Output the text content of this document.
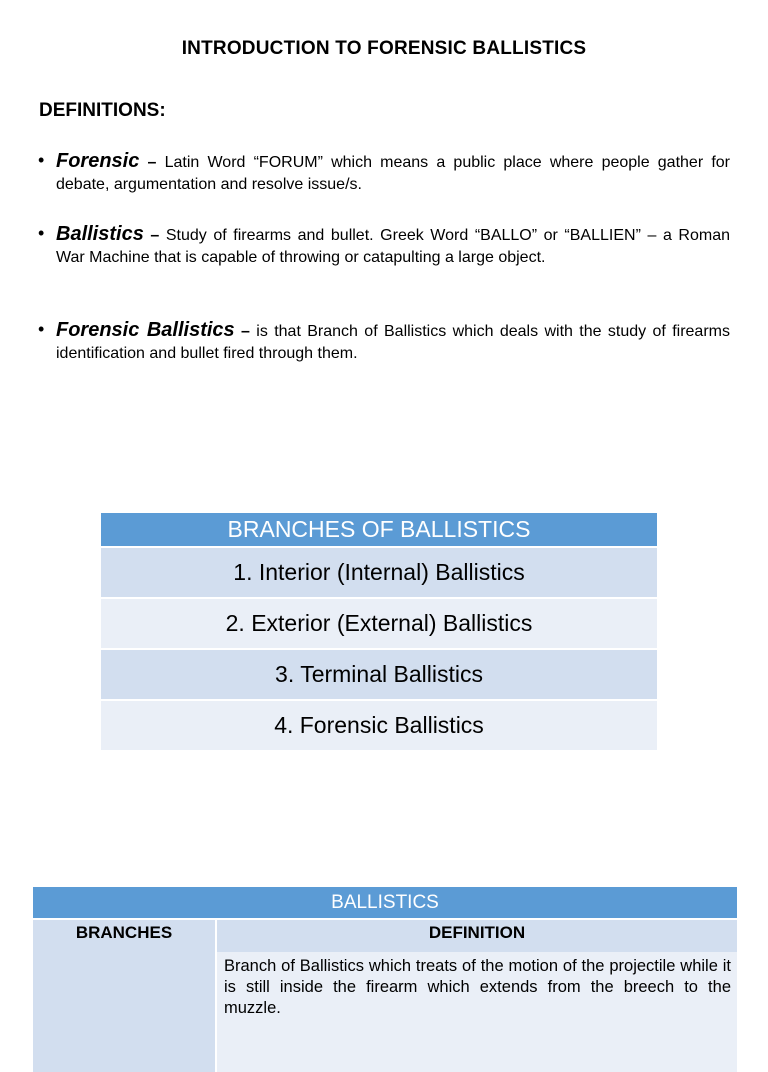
INTRODUCTION TO FORENSIC BALLISTICS
DEFINITIONS:
• Forensic – Latin Word “FORUM” which means a public place where people gather for debate, argumentation and resolve issue/s.
• Ballistics – Study of firearms and bullet. Greek Word “BALLO” or “BALLIEN” – a Roman War Machine that is capable of throwing or catapulting a large object.
• Forensic Ballistics – is that Branch of Ballistics which deals with the study of firearms identification and bullet fired through them.
BRANCHES OF BALLISTICS
1. Interior (Internal) Ballistics
2. Exterior (External) Ballistics
3. Terminal Ballistics
4. Forensic Ballistics
BALLISTICS
BRANCHES	DEFINITION
Branch of Ballistics which treats of the motion of the projectile while it is still inside the firearm which extends from the breech to the muzzle.
